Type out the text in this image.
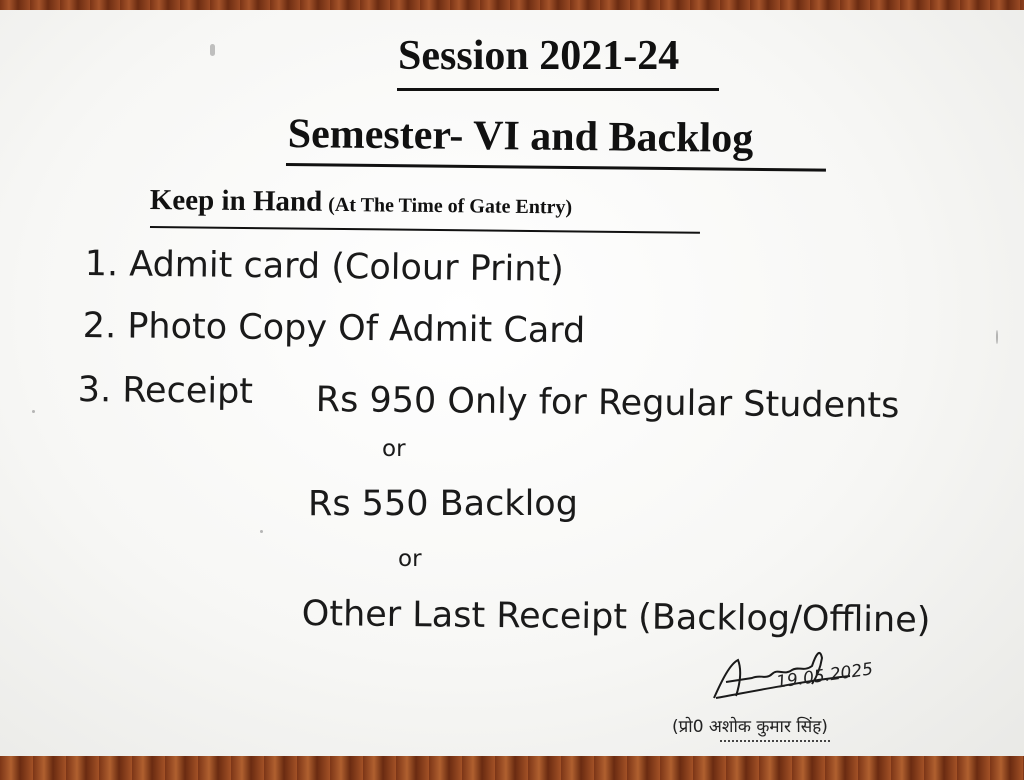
Session 2021-24
Semester- VI and Backlog
Keep in Hand (At The Time of Gate Entry)
1. Admit card (Colour Print)
2. Photo Copy Of Admit Card
3. Receipt Rs 950 Only for Regular Students
or
Rs 550 Backlog
or
Other Last Receipt (Backlog/Offline)
19.05.2025
(प्रो0 अशोक कुमार सिंह)
